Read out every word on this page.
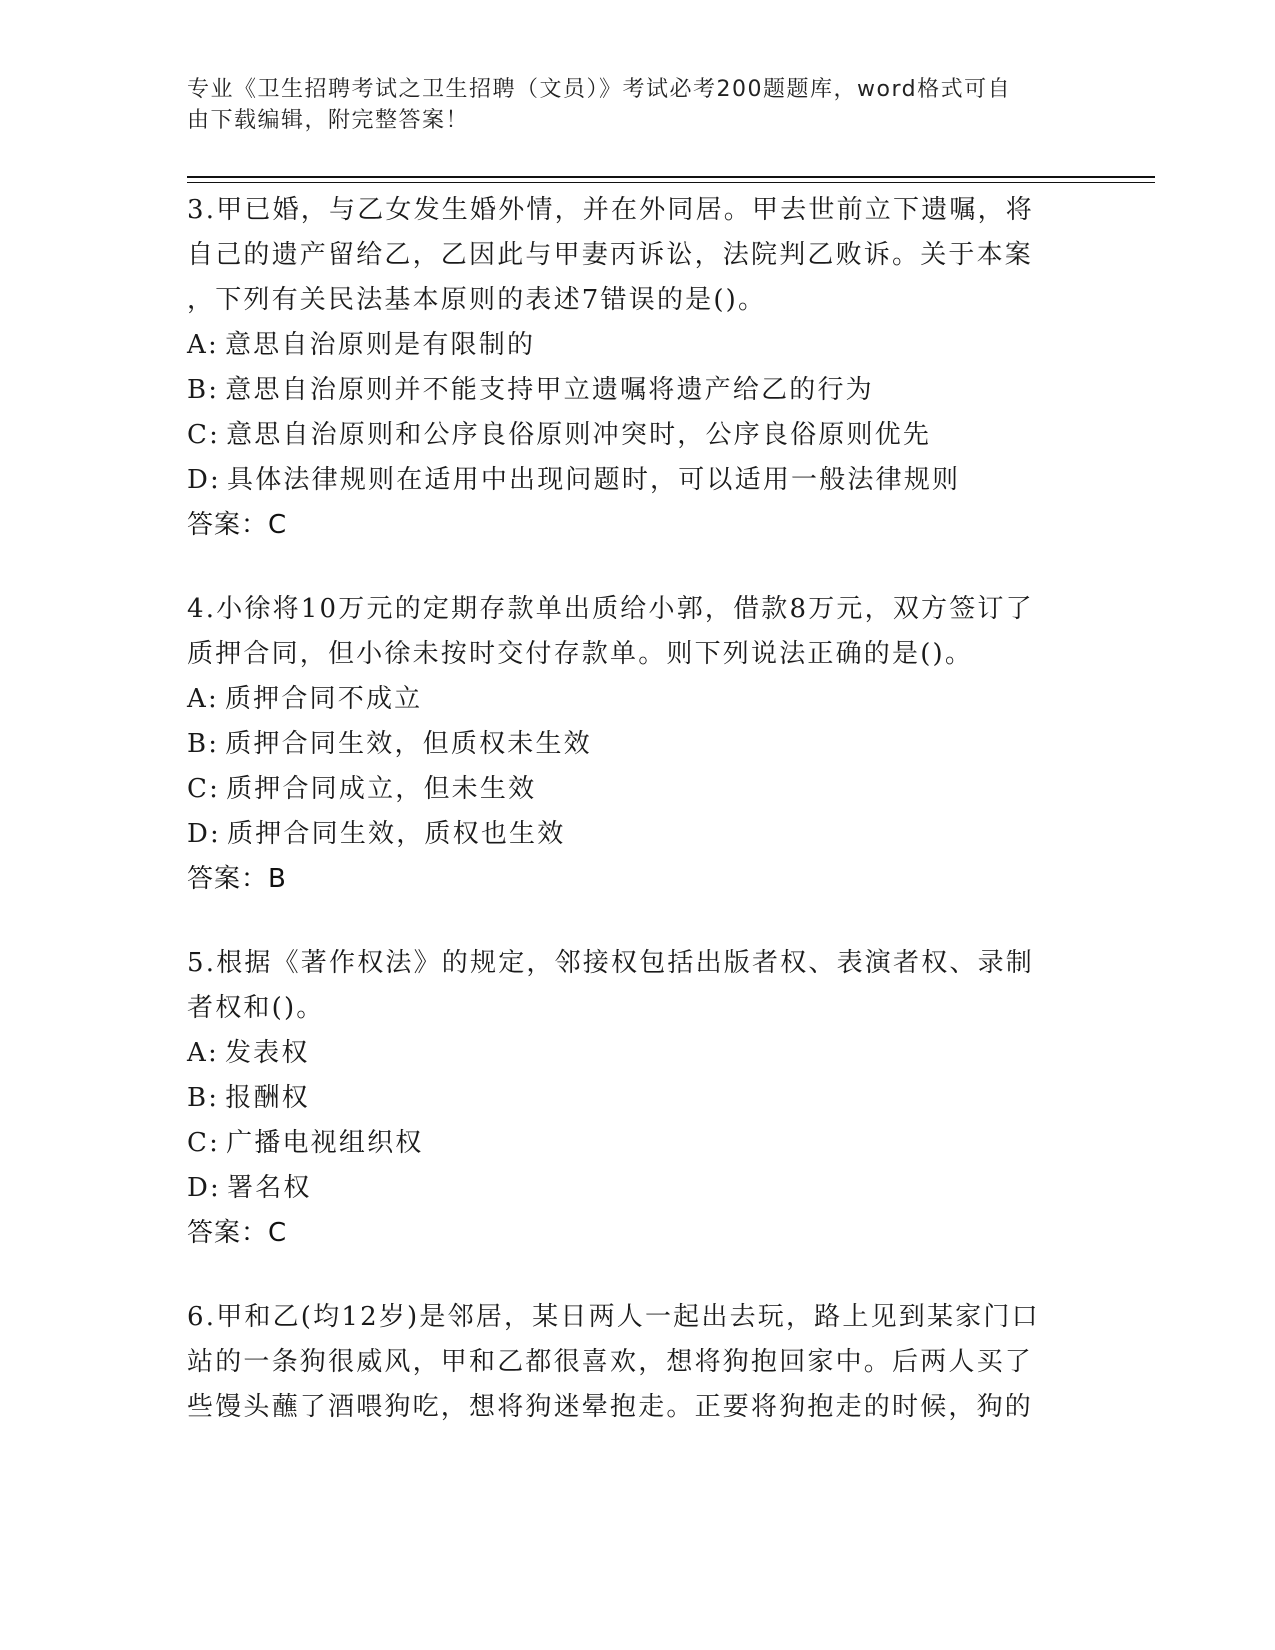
专业《卫生招聘考试之卫生招聘（文员）》考试必考200题题库，word格式可自
由下载编辑，附完整答案！

3.甲已婚，与乙女发生婚外情，并在外同居。甲去世前立下遗嘱，将

自己的遗产留给乙，乙因此与甲妻丙诉讼，法院判乙败诉。关于本案

，下列有关民法基本原则的表述7错误的是()。

A: 意思自治原则是有限制的

B: 意思自治原则并不能支持甲立遗嘱将遗产给乙的行为

C: 意思自治原则和公序良俗原则冲突时，公序良俗原则优先

D: 具体法律规则在适用中出现问题时，可以适用一般法律规则

答案：C

4.小徐将10万元的定期存款单出质给小郭，借款8万元，双方签订了

质押合同，但小徐未按时交付存款单。则下列说法正确的是()。

A: 质押合同不成立

B: 质押合同生效，但质权未生效

C: 质押合同成立，但未生效

D: 质押合同生效，质权也生效

答案：B

5.根据《著作权法》的规定，邻接权包括出版者权、表演者权、录制

者权和()。

A: 发表权

B: 报酬权

C: 广播电视组织权

D: 署名权

答案：C

6.甲和乙(均12岁)是邻居，某日两人一起出去玩，路上见到某家门口

站的一条狗很威风，甲和乙都很喜欢，想将狗抱回家中。后两人买了

些馒头蘸了酒喂狗吃，想将狗迷晕抱走。正要将狗抱走的时候，狗的
